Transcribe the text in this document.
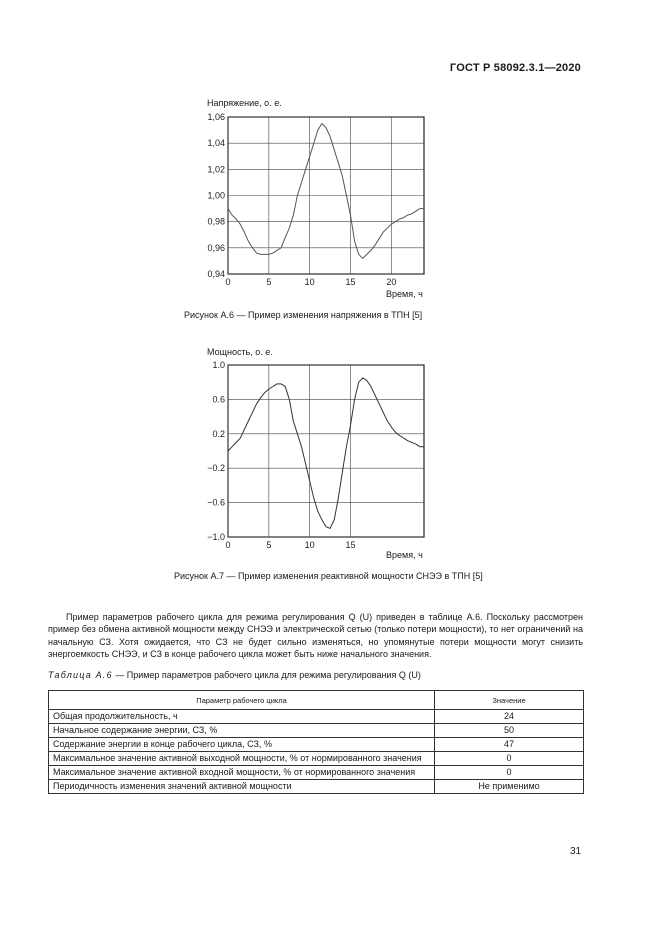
ГОСТ Р 58092.3.1—2020
Напряжение, о. е.
0	5	10	15	20
1,06
1,04
1,02
1,00
0,98
0,96
0,94
Время, ч
Рисунок А.6 — Пример изменения напряжения в ТПН [5]
Мощность, о. е.
0	5	10	15
1.0
0.6
0.2
−0.2
−0.6
−1.0
Время, ч
Рисунок А.7 — Пример изменения реактивной мощности СНЭЭ в ТПН [5]
Пример параметров рабочего цикла для режима регулирования Q (U) приведен в таблице А.6. Поскольку рассмотрен пример без обмена активной мощности между СНЭЭ и электрической сетью (только потери мощности), то нет ограничений на начальную СЗ. Хотя ожидается, что СЗ не будет сильно изменяться, но упомянутые потери мощности могут снизить энергоемкость СНЭЭ, и СЗ в конце рабочего цикла может быть ниже начального значения.
Таблица А.6 — Пример параметров рабочего цикла для режима регулирования Q (U)
Параметр рабочего цикла	Значение
Общая продолжительность, ч	24
Начальное содержание энергии, СЗ, %	50
Содержание энергии в конце рабочего цикла, СЗ, %	47
Максимальное значение активной выходной мощности, % от нормированного значения	0
Максимальное значение активной входной мощности, % от нормированного значения	0
Периодичность изменения значений активной мощности	Не применимо
31
